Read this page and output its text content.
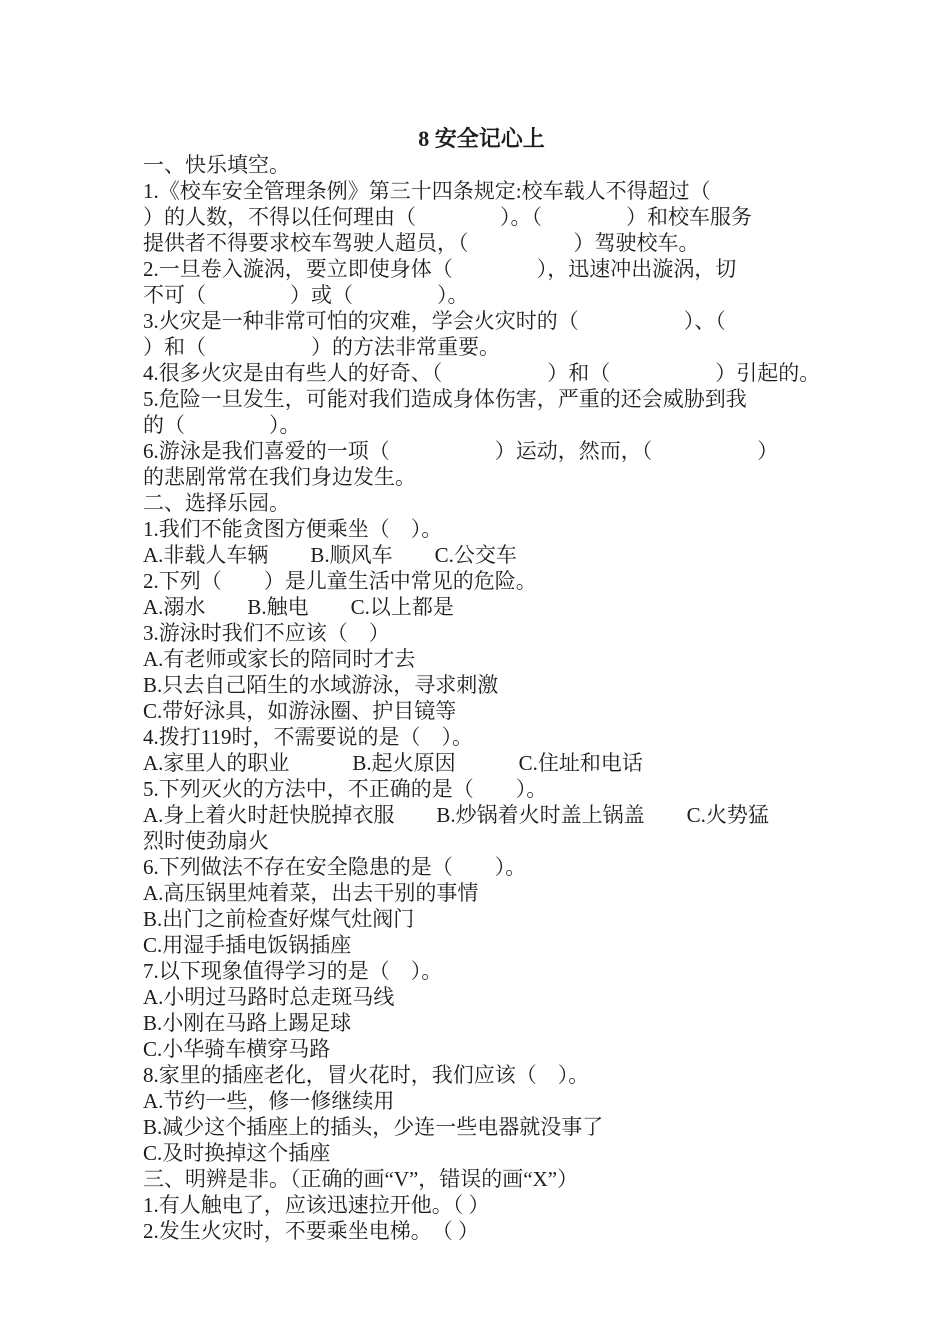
8 安全记心上
一、快乐填空。
1.《校车安全管理条例》第三十四条规定:校车载人不得超过（
）的人数，不得以任何理由（　　　　）。（　　　　）和校车服务
提供者不得要求校车驾驶人超员，（　　　　　）驾驶校车。
2.一旦卷入漩涡，要立即使身体（　　　　），迅速冲出漩涡，切
不可（　　　　）或（　　　　）。
3.火灾是一种非常可怕的灾难，学会火灾时的（　　　　　）、（
）和（　　　　　）的方法非常重要。
4.很多火灾是由有些人的好奇、（　　　　　）和（　　　　　）引起的。
5.危险一旦发生，可能对我们造成身体伤害，严重的还会威胁到我
的（　　　　）。
6.游泳是我们喜爱的一项（　　　　　）运动，然而，（　　　　　）
的悲剧常常在我们身边发生。
二、选择乐园。
1.我们不能贪图方便乘坐（　）。
A.非载人车辆　　B.顺风车　　C.公交车
2.下列（　　）是儿童生活中常见的危险。
A.溺水　　B.触电　　C.以上都是
3.游泳时我们不应该（　）
A.有老师或家长的陪同时才去
B.只去自己陌生的水域游泳，寻求刺激
C.带好泳具，如游泳圈、护目镜等
4.拨打119时，不需要说的是（　）。
A.家里人的职业　　　B.起火原因　　　C.住址和电话
5.下列灭火的方法中，不正确的是（　　）。
A.身上着火时赶快脱掉衣服　　B.炒锅着火时盖上锅盖　　C.火势猛
烈时使劲扇火
6.下列做法不存在安全隐患的是（　　）。
A.高压锅里炖着菜，出去干别的事情
B.出门之前检查好煤气灶阀门
C.用湿手插电饭锅插座
7.以下现象值得学习的是（　）。
A.小明过马路时总走斑马线
B.小刚在马路上踢足球
C.小华骑车横穿马路
8.家里的插座老化，冒火花时，我们应该（　）。
A.节约一些，修一修继续用
B.减少这个插座上的插头，少连一些电器就没事了
C.及时换掉这个插座
三、明辨是非。（正确的画“V”，错误的画“X”）
1.有人触电了，应该迅速拉开他。（ ）
2.发生火灾时，不要乘坐电梯。　（ ）
